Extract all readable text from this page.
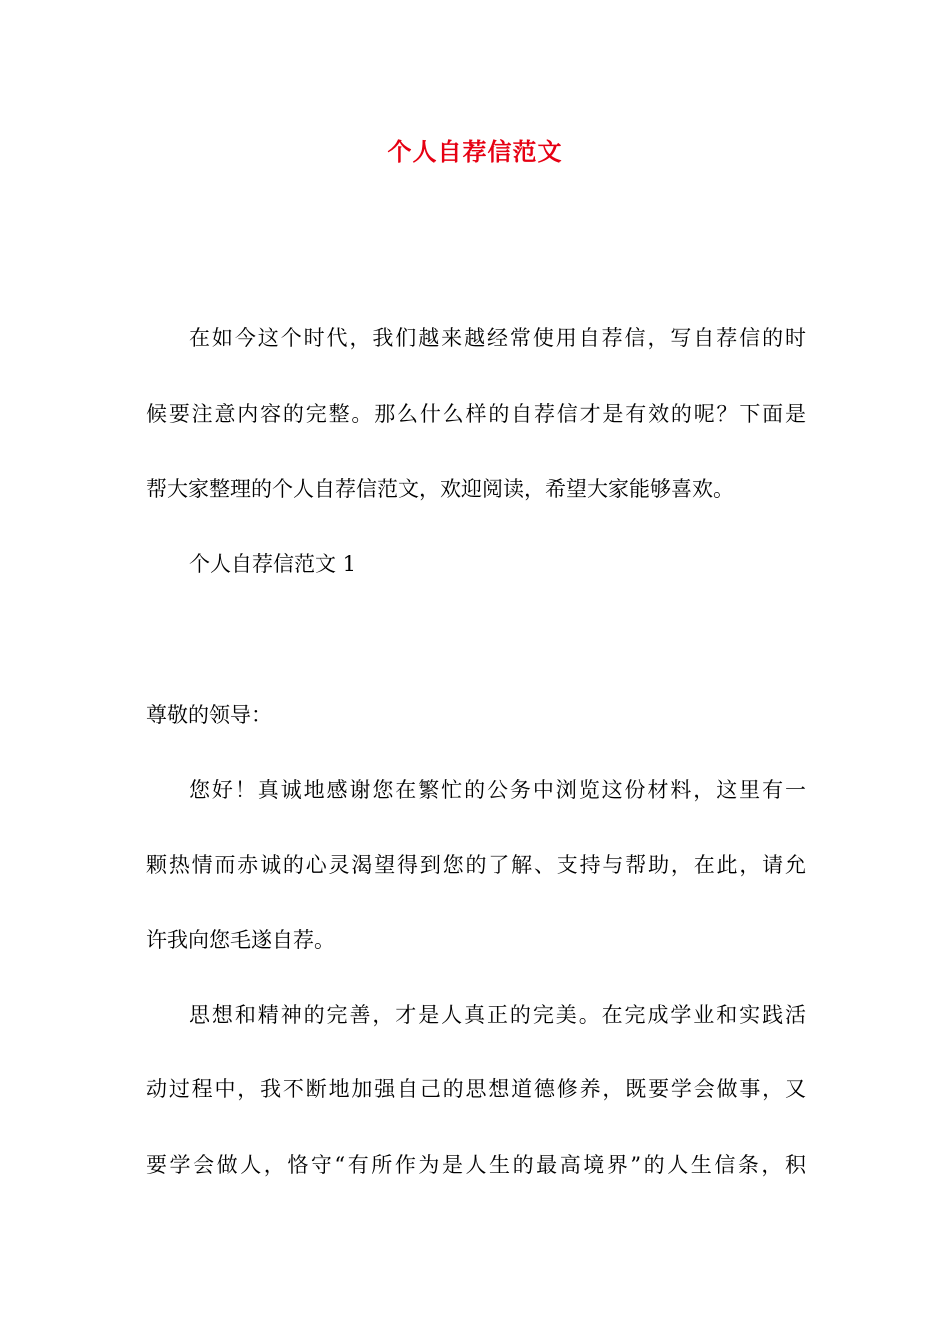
个人自荐信范文
在如今这个时代，我们越来越经常使用自荐信，写自荐信的时
候要注意内容的完整。那么什么样的自荐信才是有效的呢？下面是
帮大家整理的个人自荐信范文，欢迎阅读，希望大家能够喜欢。
个人自荐信范文 1
尊敬的领导：
您好！真诚地感谢您在繁忙的公务中浏览这份材料，这里有一
颗热情而赤诚的心灵渴望得到您的了解、支持与帮助，在此，请允
许我向您毛遂自荐。
思想和精神的完善，才是人真正的完美。在完成学业和实践活
动过程中，我不断地加强自己的思想道德修养，既要学会做事，又
要学会做人，恪守“有所作为是人生的最高境界”的人生信条，积
